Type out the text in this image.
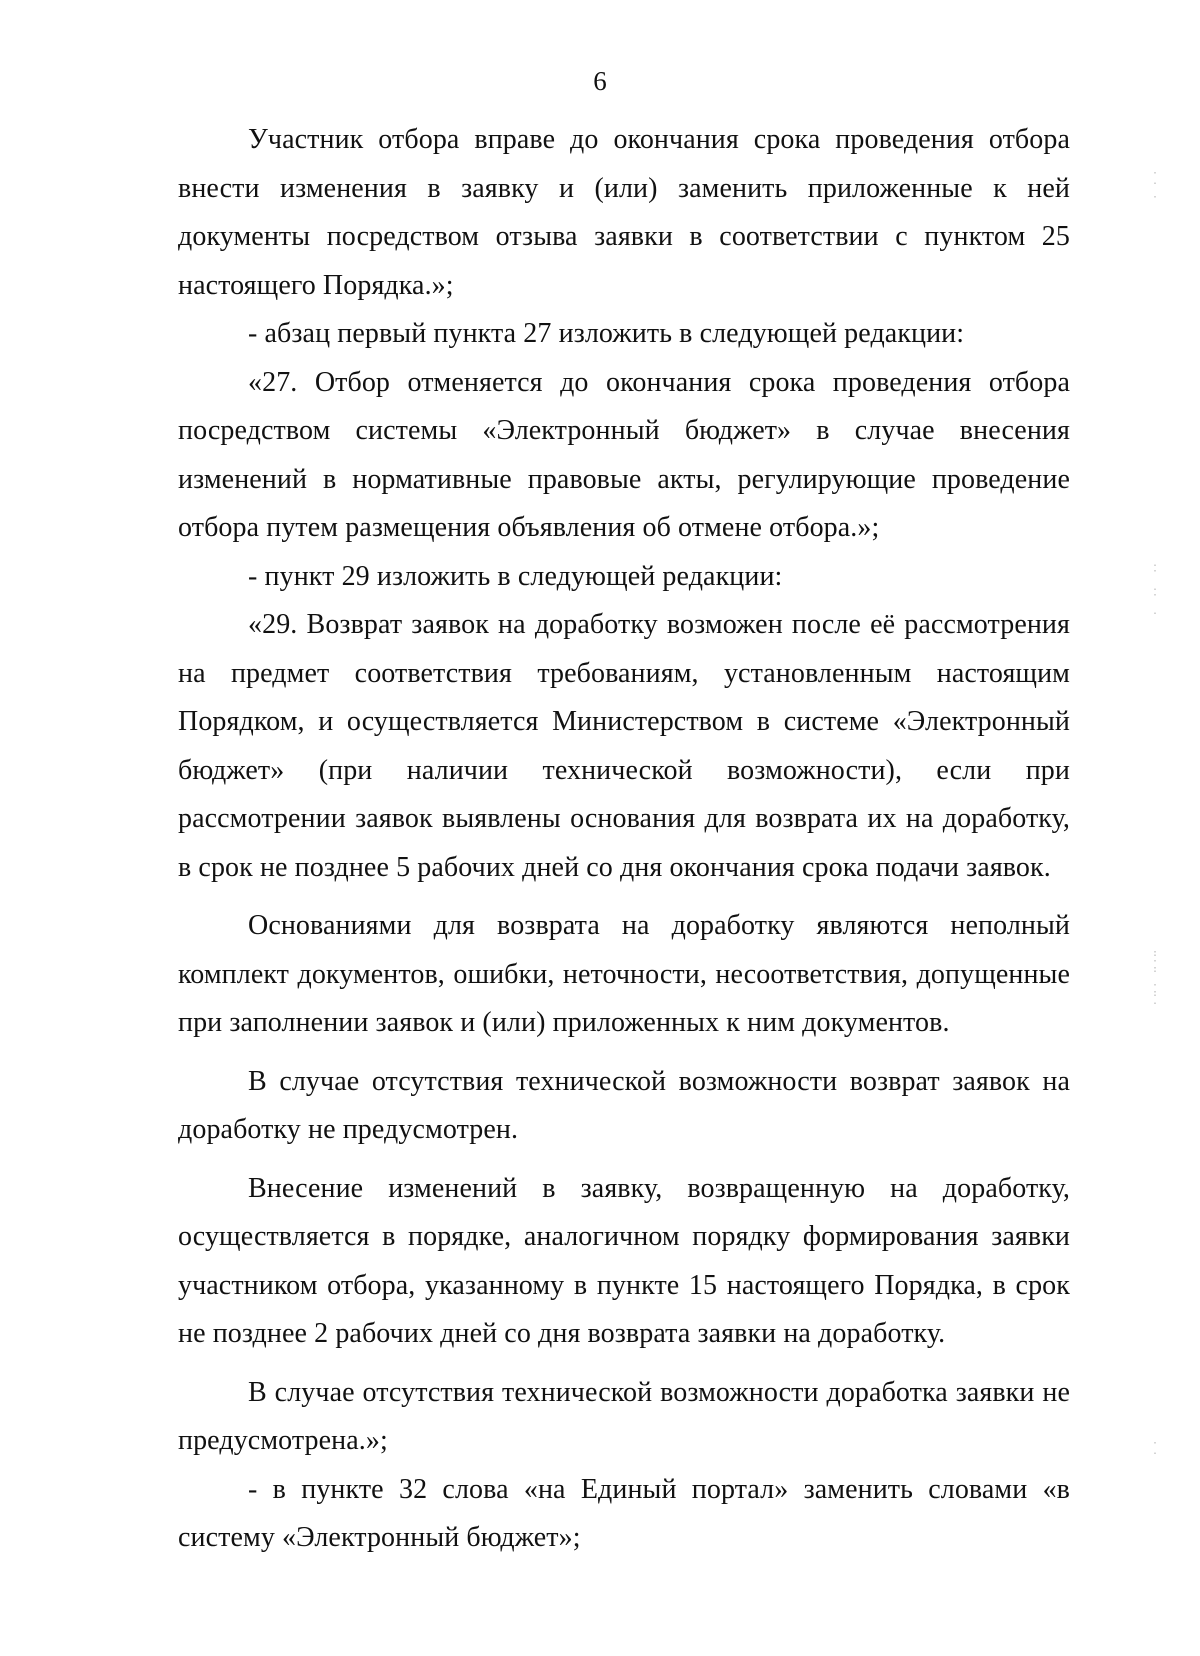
6

Участник отбора вправе до окончания срока проведения отбора внести изменения в заявку и (или) заменить приложенные к ней документы посредством отзыва заявки в соответствии с пунктом 25 настоящего Порядка.»;

- абзац первый пункта 27 изложить в следующей редакции:

«27. Отбор отменяется до окончания срока проведения отбора посредством системы «Электронный бюджет» в случае внесения изменений в нормативные правовые акты, регулирующие проведение отбора путем размещения объявления об отмене отбора.»;

- пункт 29 изложить в следующей редакции:

«29. Возврат заявок на доработку возможен после её рассмотрения на предмет соответствия требованиям, установленным настоящим Порядком, и осуществляется Министерством в системе «Электронный бюджет» (при наличии технической возможности), если при рассмотрении заявок выявлены основания для возврата их на доработку, в срок не позднее 5 рабочих дней со дня окончания срока подачи заявок.

Основаниями для возврата на доработку являются неполный комплект документов, ошибки, неточности, несоответствия, допущенные при заполнении заявок и (или) приложенных к ним документов.

В случае отсутствия технической возможности возврат заявок на доработку не предусмотрен.

Внесение изменений в заявку, возвращенную на доработку, осуществляется в порядке, аналогичном порядку формирования заявки участником отбора, указанному в пункте 15 настоящего Порядка, в срок не позднее 2 рабочих дней со дня возврата заявки на доработку.

В случае отсутствия технической возможности доработка заявки не предусмотрена.»;

- в пункте 32 слова «на Единый портал» заменить словами «в систему «Электронный бюджет»;

·
.

·
.
·

.
·

.
:
·
:

·
:
.
·
.
